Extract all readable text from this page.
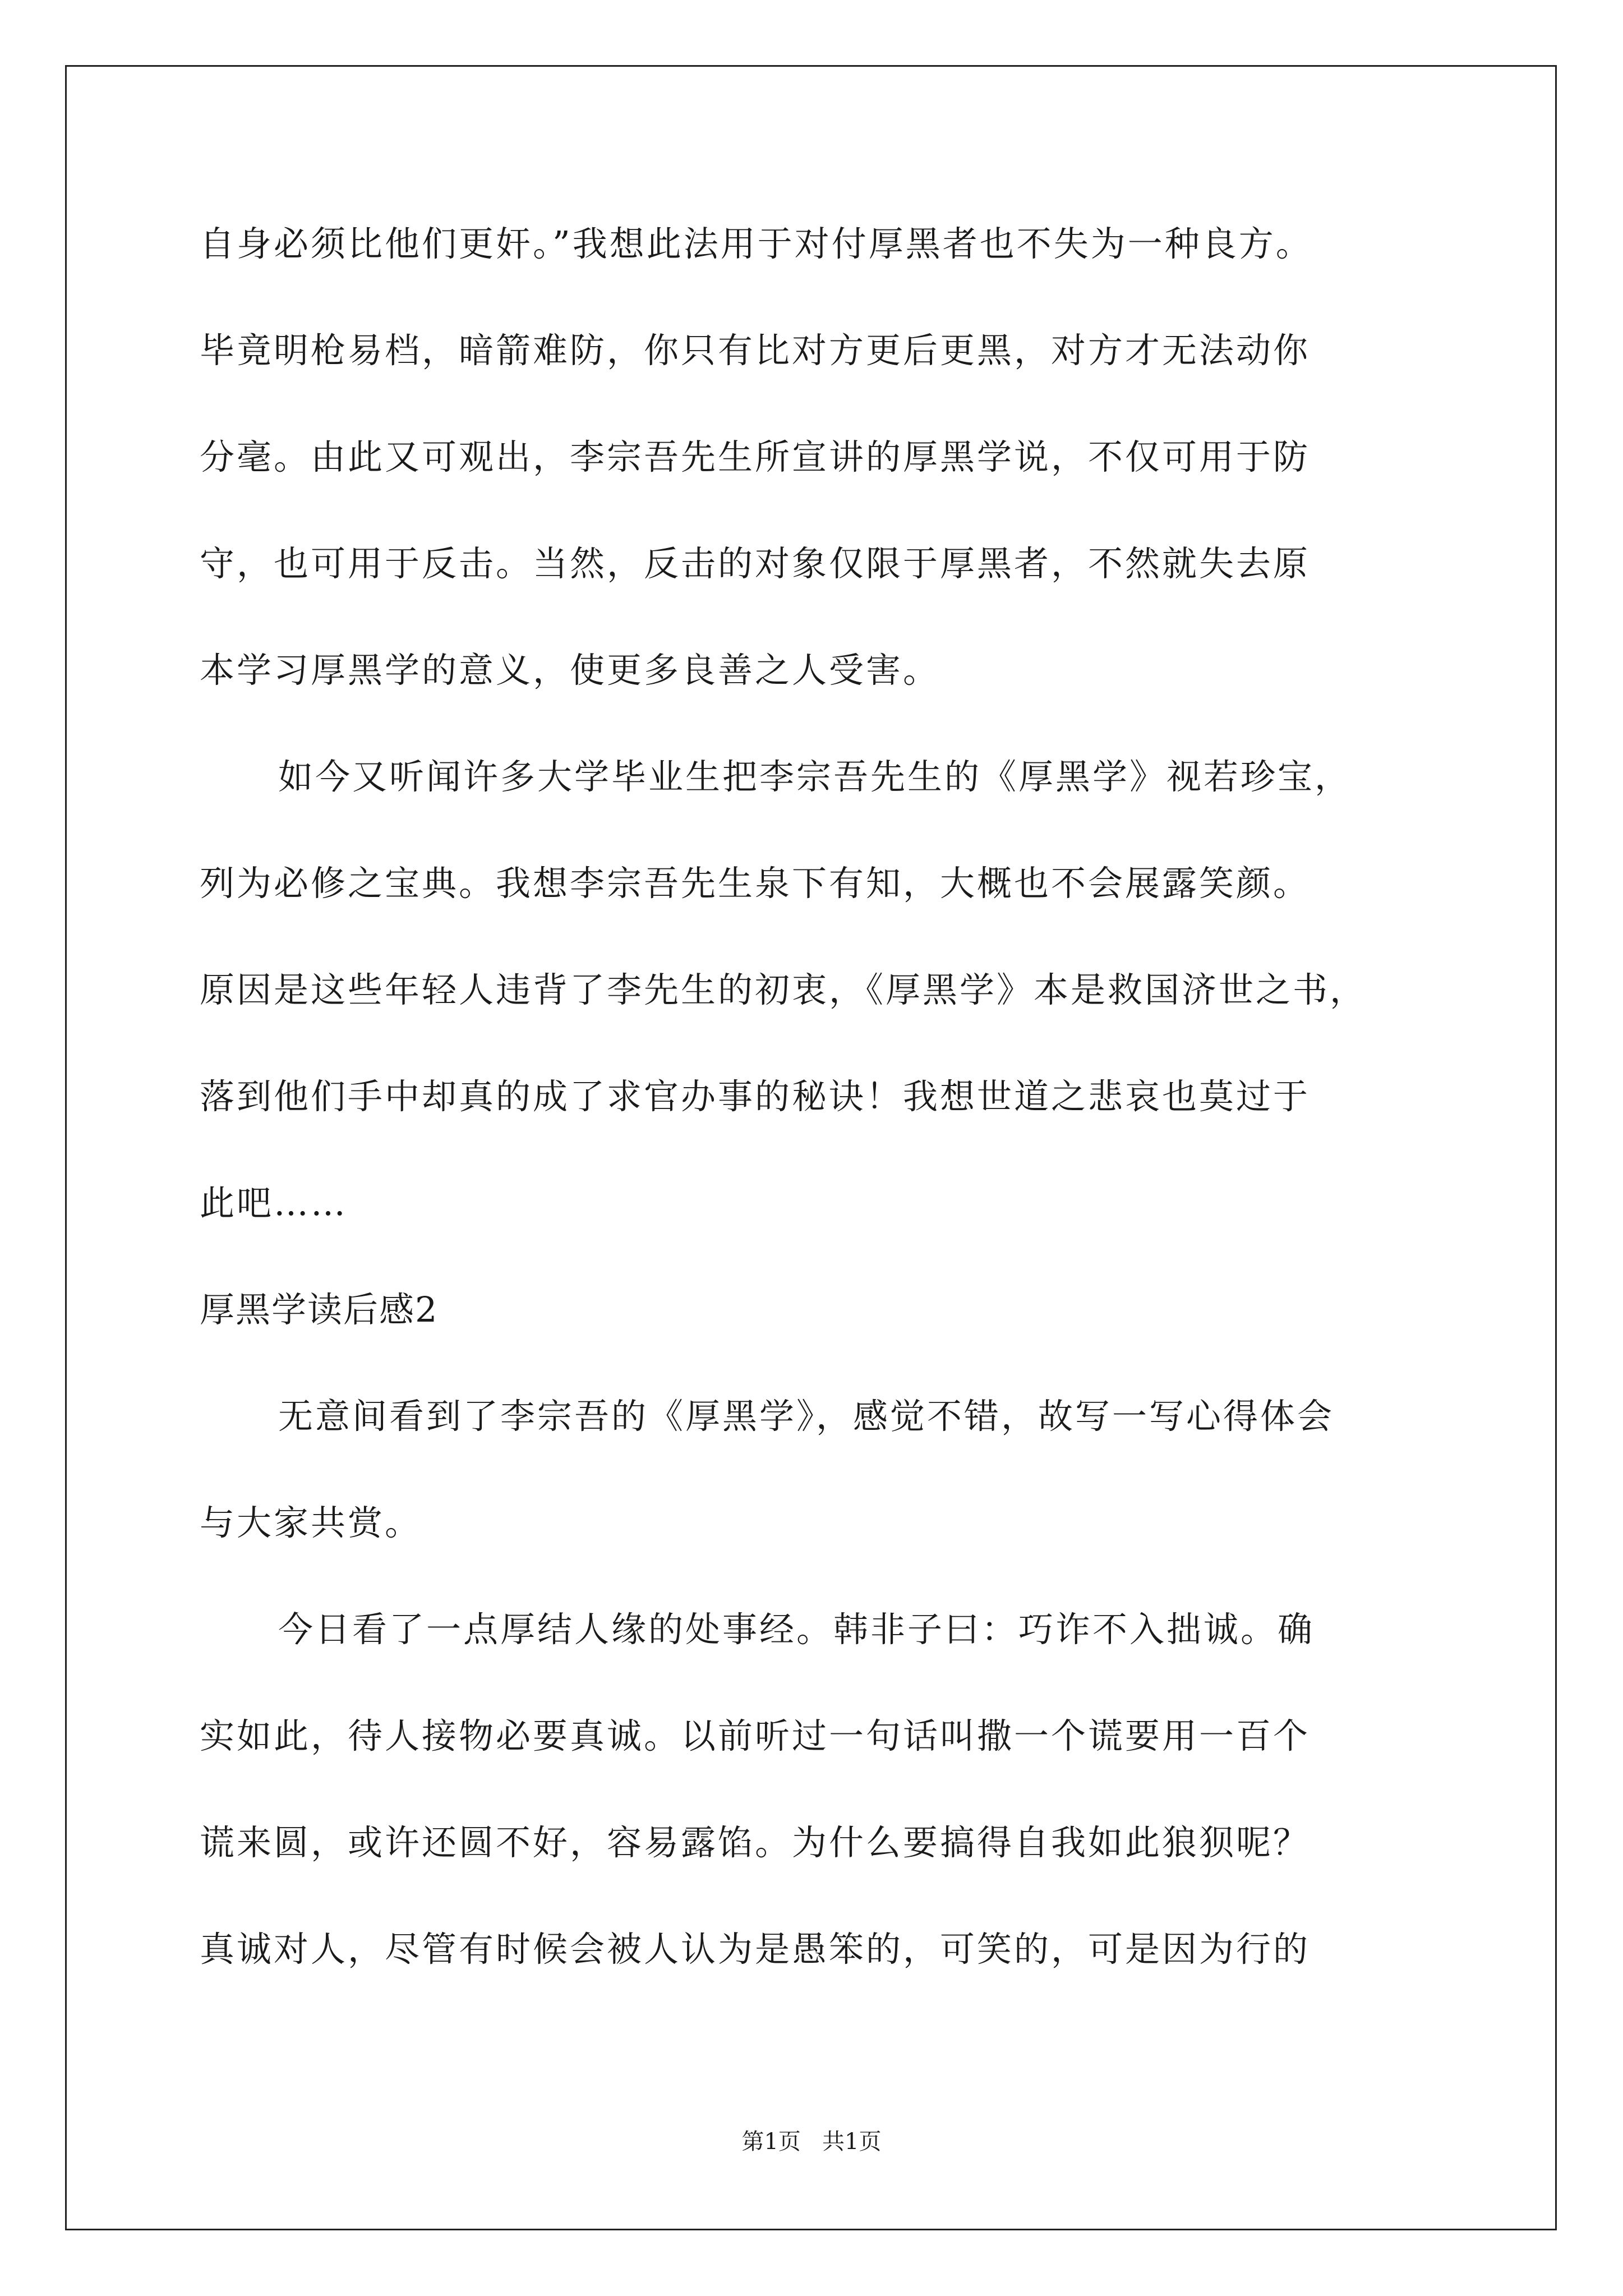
自身必须比他们更奸。”我想此法用于对付厚黑者也不失为一种良方。
毕竟明枪易档，暗箭难防，你只有比对方更后更黑，对方才无法动你
分毫。由此又可观出，李宗吾先生所宣讲的厚黑学说，不仅可用于防
守，也可用于反击。当然，反击的对象仅限于厚黑者，不然就失去原
本学习厚黑学的意义，使更多良善之人受害。
如今又听闻许多大学毕业生把李宗吾先生的《厚黑学》视若珍宝，
列为必修之宝典。我想李宗吾先生泉下有知，大概也不会展露笑颜。
原因是这些年轻人违背了李先生的初衷，《厚黑学》本是救国济世之书，
落到他们手中却真的成了求官办事的秘诀！我想世道之悲哀也莫过于
此吧……
厚黑学读后感2
无意间看到了李宗吾的《厚黑学》，感觉不错，故写一写心得体会
与大家共赏。
今日看了一点厚结人缘的处事经。韩非子曰：巧诈不入拙诚。确
实如此，待人接物必要真诚。以前听过一句话叫撒一个谎要用一百个
谎来圆，或许还圆不好，容易露馅。为什么要搞得自我如此狼狈呢？
真诚对人，尽管有时候会被人认为是愚笨的，可笑的，可是因为行的
第1页   共1页
